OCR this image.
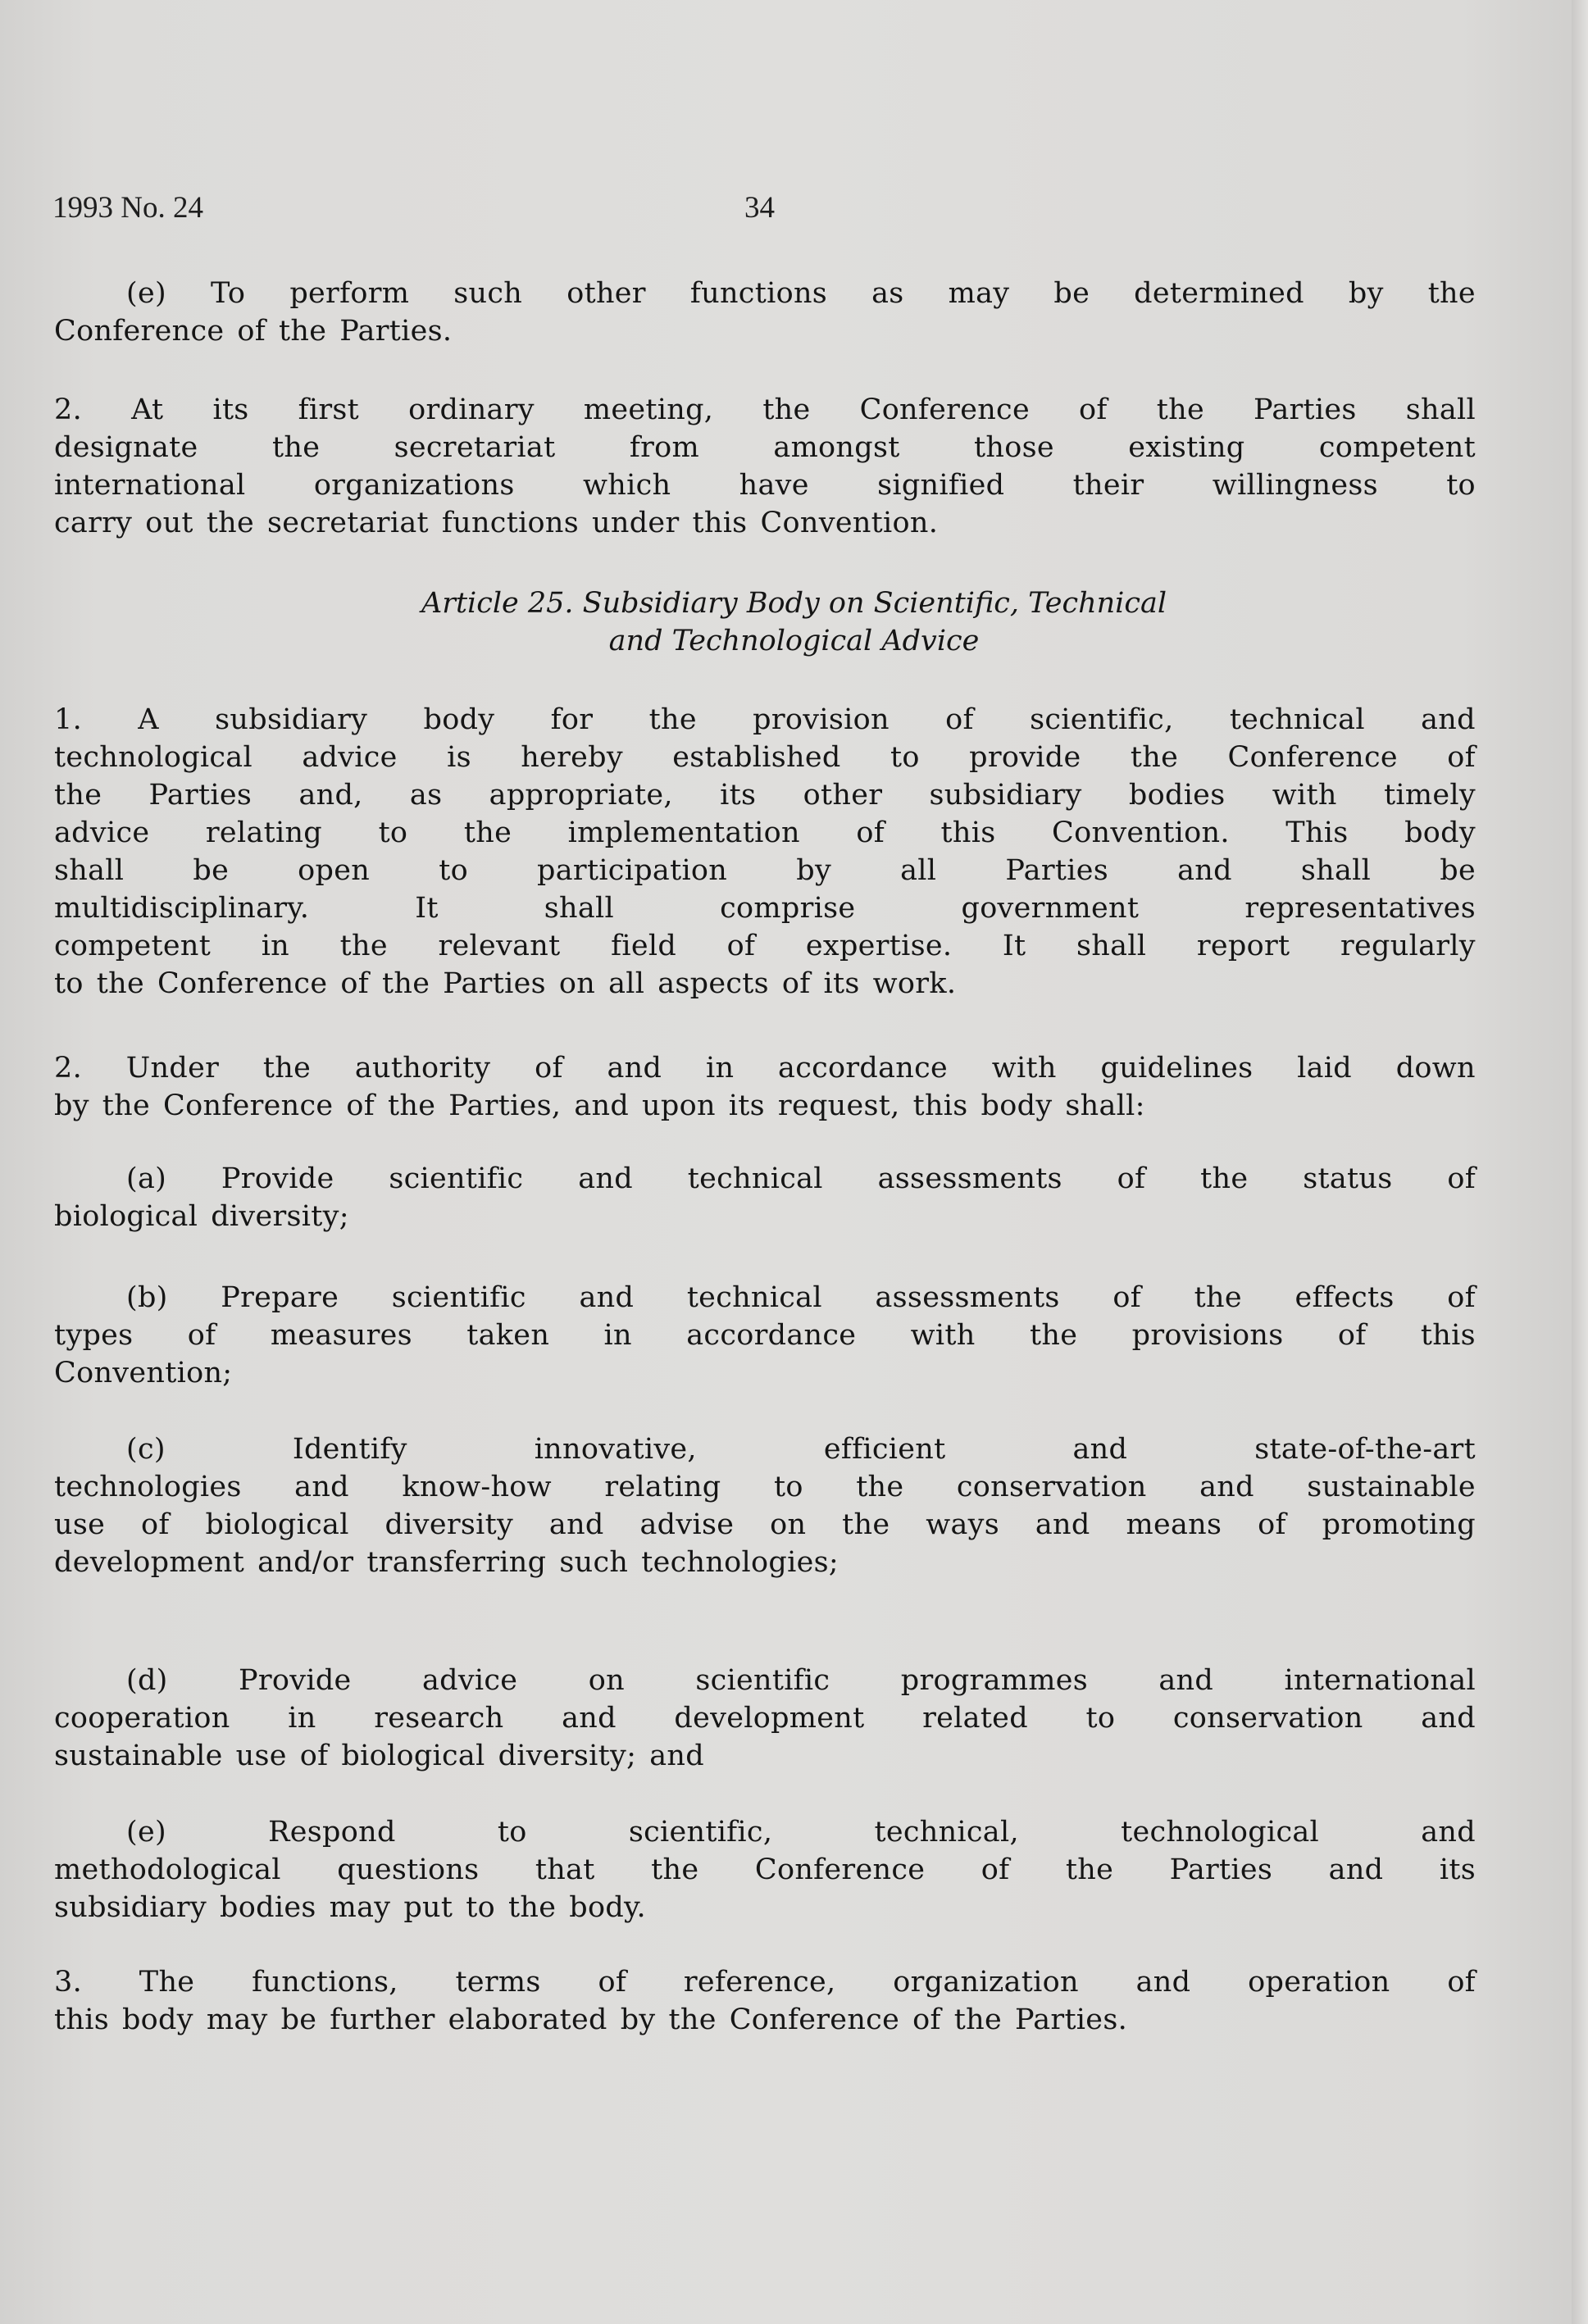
1993 No. 24	34
Article 25. Subsidiary Body on Scientific, Technical
and Technological Advice
(e) To perform such other functions as may be determined by the
Conference of the Parties.
2. At its first ordinary meeting, the Conference of the Parties shall
designate	the	secretariat	from	amongst	those	existing	competent
international organizations which have signified their willingness to
carry out the secretariat functions under this Convention.
1. A subsidiary body for the provision of scientific, technical and
technological advice is hereby established to provide the Conference of
the Parties and, as appropriate, its other subsidiary bodies with timely
advice relating to the implementation of this Convention. This body
shall be open to participation by all Parties and shall be
multidisciplinary.	It	shall	comprise	government	representatives
competent in the relevant field of expertise. It shall report regularly
to the Conference of the Parties on all aspects of its work.
2. Under the authority of and in accordance with guidelines laid down
by the Conference of the Parties, and upon its request, this body shall:
(a) Provide scientific and technical assessments of the status of
biological diversity;
(b) Prepare scientific and technical assessments of the effects of
types of measures taken in accordance with the provisions of this
Convention;
(c)	Identify	innovative,	efficient	and	state-of-the-art
technologies and know-how relating to the conservation and sustainable
use of biological diversity and advise on the ways and means of promoting
development and/or transferring such technologies;
(d) Provide advice on scientific programmes and international
cooperation in research and development related to conservation and
sustainable use of biological diversity; and
(e)	Respond	to	scientific,	technical,	technological	and
methodological questions that the Conference of the Parties and its
subsidiary bodies may put to the body.
3. The functions, terms of reference, organization and operation of
this body may be further elaborated by the Conference of the Parties.
